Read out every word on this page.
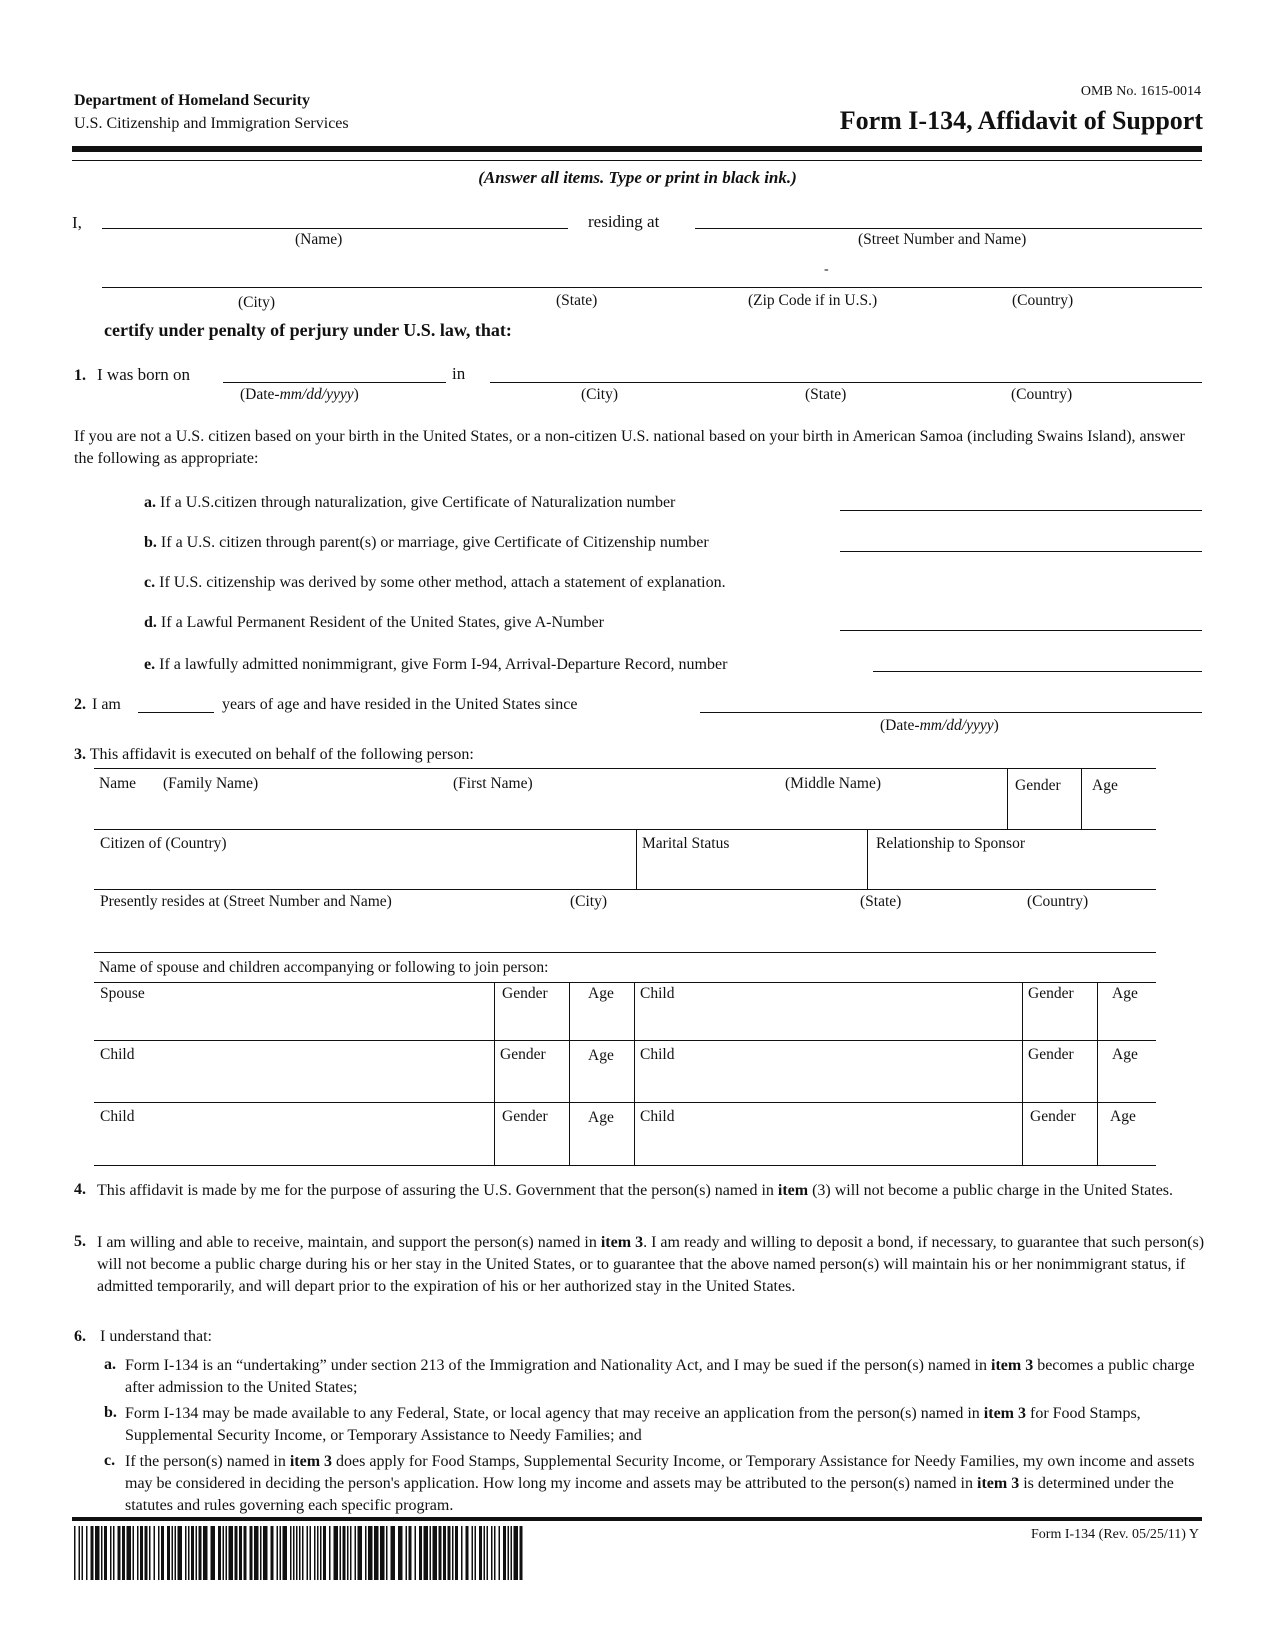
Department of Homeland Security
U.S. Citizenship and Immigration Services
OMB No. 1615-0014
Form I-134, Affidavit of Support
(Answer all items. Type or print in black ink.)
I,
(Name)
residing at
(Street Number and Name)
-
(City)	(State)	(Zip Code if in U.S.)	(Country)
certify under penalty of perjury under U.S. law, that:
1. I was born on	in
(Date-mm/dd/yyyy)	(City)	(State)	(Country)
If you are not a U.S. citizen based on your birth in the United States, or a non-citizen U.S. national based on your birth in American Samoa (including Swains Island), answer the following as appropriate:
a. If a U.S.citizen through naturalization, give Certificate of Naturalization number
b. If a U.S. citizen through parent(s) or marriage, give Certificate of Citizenship number
c. If U.S. citizenship was derived by some other method, attach a statement of explanation.
d. If a Lawful Permanent Resident of the United States, give A-Number
e. If a lawfully admitted nonimmigrant, give Form I-94, Arrival-Departure Record, number
2. I am	years of age and have resided in the United States since
(Date-mm/dd/yyyy)
3. This affidavit is executed on behalf of the following person:
Name (Family Name)	(First Name)	(Middle Name)	Gender Age
Citizen of (Country)	Marital Status	Relationship to Sponsor
Presently resides at (Street Number and Name)	(City)	(State)	(Country)
Name of spouse and children accompanying or following to join person:
Spouse	Gender	Age Child	Gender Age
Child	Gender	Age Child	Gender Age
Child	Gender	Age Child	Gender Age
4. This affidavit is made by me for the purpose of assuring the U.S. Government that the person(s) named in item (3) will not become a public charge in the United States.
5. I am willing and able to receive, maintain, and support the person(s) named in item 3. I am ready and willing to deposit a bond, if necessary, to guarantee that such person(s) will not become a public charge during his or her stay in the United States, or to guarantee that the above named person(s) will maintain his or her nonimmigrant status, if admitted temporarily, and will depart prior to the expiration of his or her authorized stay in the United States.
6. I understand that:
a. Form I-134 is an “undertaking” under section 213 of the Immigration and Nationality Act, and I may be sued if the person(s) named in item 3 becomes a public charge after admission to the United States;
b. Form I-134 may be made available to any Federal, State, or local agency that may receive an application from the person(s) named in item 3 for Food Stamps, Supplemental Security Income, or Temporary Assistance to Needy Families; and
c. If the person(s) named in item 3 does apply for Food Stamps, Supplemental Security Income, or Temporary Assistance for Needy Families, my own income and assets may be considered in deciding the person's application. How long my income and assets may be attributed to the person(s) named in item 3 is determined under the statutes and rules governing each specific program.
Form I-134 (Rev. 05/25/11) Y
